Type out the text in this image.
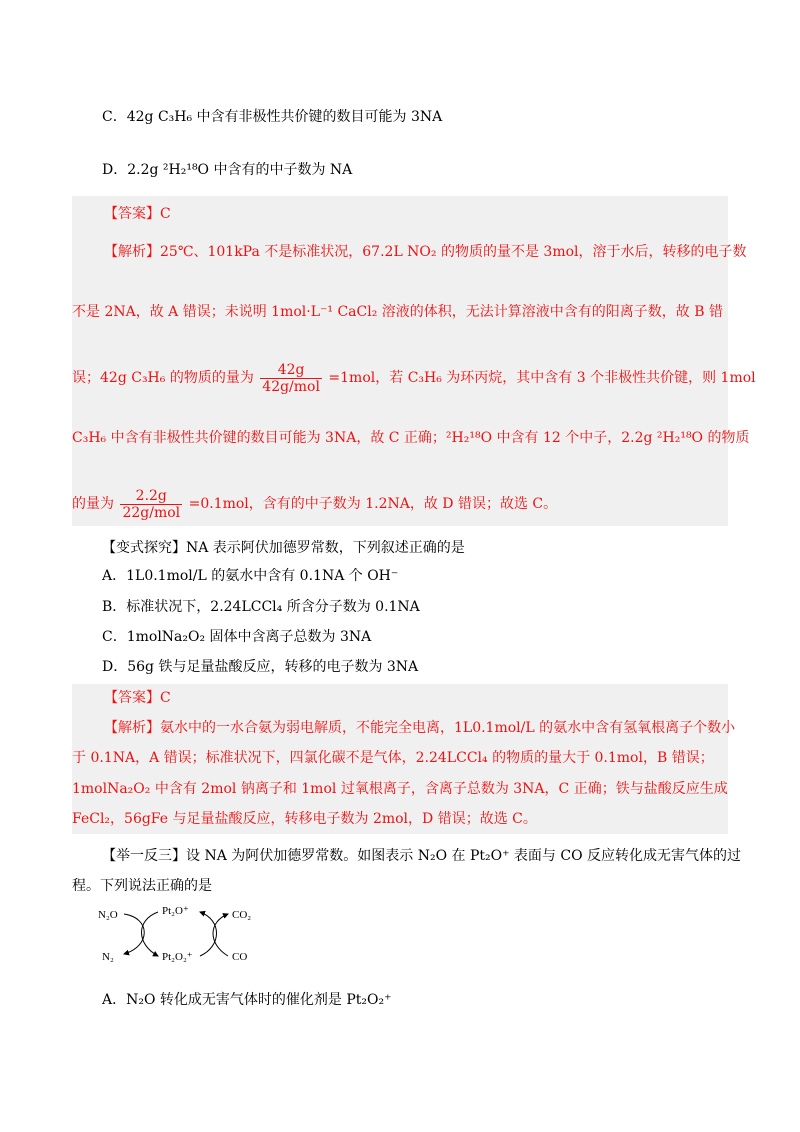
C．42g C₃H₆ 中含有非极性共价键的数目可能为 3NA
D．2.2g ²H₂¹⁸O 中含有的中子数为 NA
【答案】C
【解析】25℃、101kPa 不是标准状况，67.2L NO₂ 的物质的量不是 3mol，溶于水后，转移的电子数
不是 2NA，故 A 错误；未说明 1mol·L⁻¹ CaCl₂ 溶液的体积，无法计算溶液中含有的阳离子数，故 B 错
误；42g C₃H₆ 的物质的量为 $\frac{42g}{\text{42g/mol}} =1mol$，若 C₃H₆ 为环丙烷，其中含有 3 个非极性共价键，则 1mol
C₃H₆ 中含有非极性共价键的数目可能为 3NA，故 C 正确；²H₂¹⁸O 中含有 12 个中子，2.2g ²H₂¹⁸O 的物质
的量为 $\frac{2.2g}{\text{22g/mol}} =0.1mol$，含有的中子数为 1.2NA，故 D 错误；故选 C。
【变式探究】NA 表示阿伏加德罗常数，下列叙述正确的是
A．1L0.1mol/L 的氨水中含有 0.1NA 个 OH⁻
B．标准状况下，2.24LCCl₄ 所含分子数为 0.1NA
C．1molNa₂O₂ 固体中含离子总数为 3NA
D．56g 铁与足量盐酸反应，转移的电子数为 3NA
【答案】C
【解析】氨水中的一水合氨为弱电解质，不能完全电离，1L0.1mol/L 的氨水中含有氢氧根离子个数小
于 0.1NA，A 错误；标准状况下，四氯化碳不是气体，2.24LCCl₄ 的物质的量大于 0.1mol，B 错误；
1molNa₂O₂ 中含有 2mol 钠离子和 1mol 过氧根离子，含离子总数为 3NA，C 正确；铁与盐酸反应生成
FeCl₂，56gFe 与足量盐酸反应，转移电子数为 2mol，D 错误；故选 C。
【举一反三】设 NA 为阿伏加德罗常数。如图表示 N₂O 在 Pt₂O⁺ 表面与 CO 反应转化成无害气体的过
程。下列说法正确的是
N₂O	Pt₂O⁺	CO₂
N₂	Pt₂O₂⁺	CO
A．N₂O 转化成无害气体时的催化剂是 Pt₂O₂⁺
